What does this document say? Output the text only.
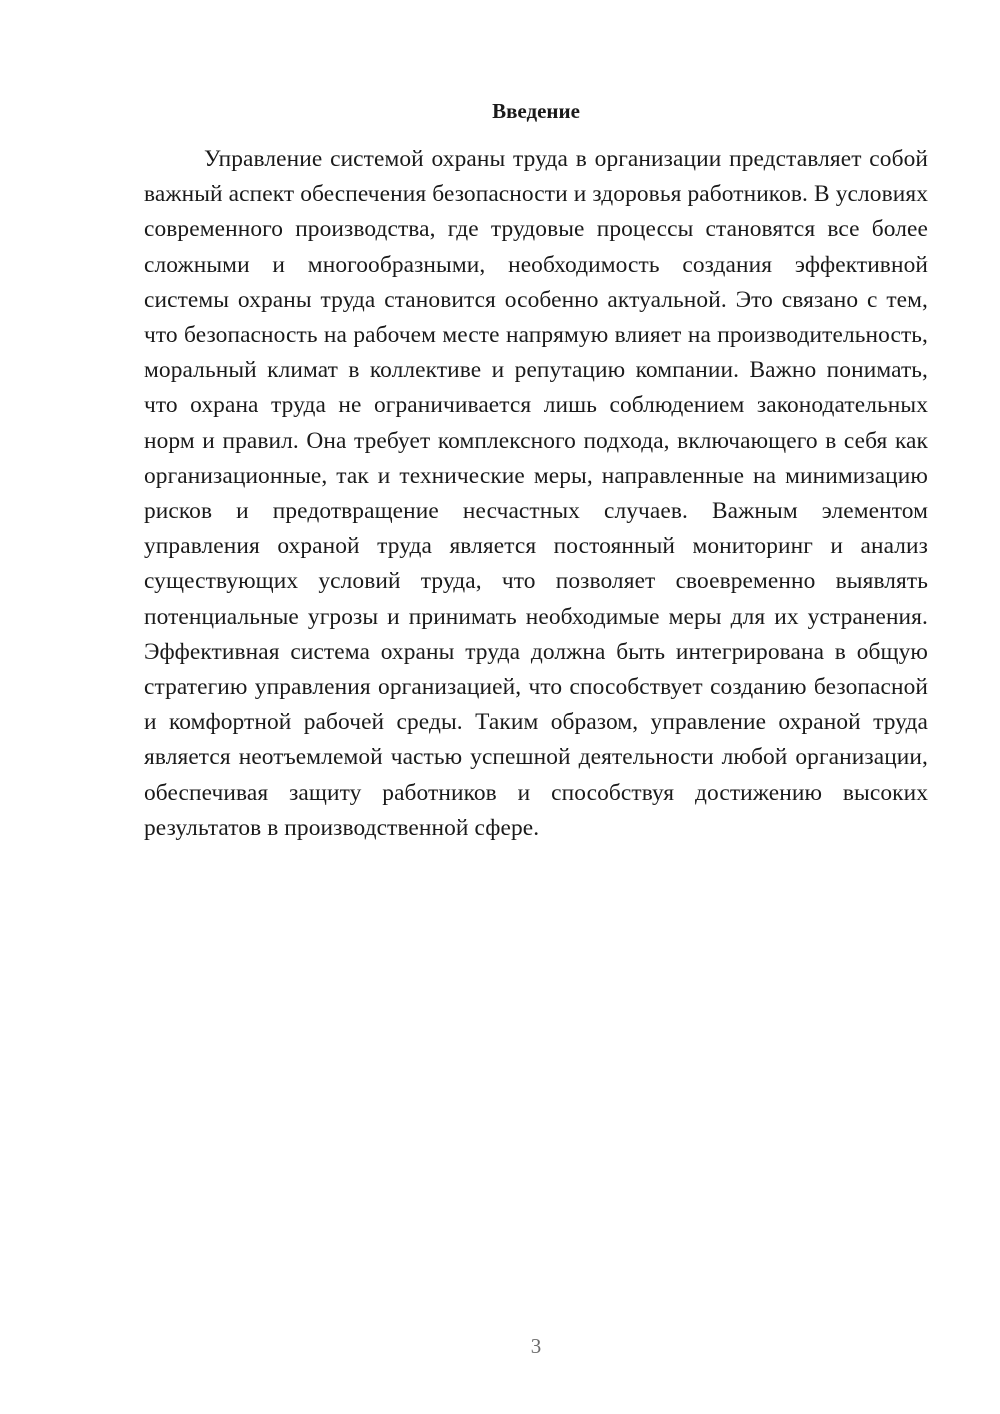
Введение

Управление системой охраны труда в организации представляет собой важный аспект обеспечения безопасности и здоровья работников. В условиях современного производства, где трудовые процессы становятся все более сложными и многообразными, необходимость создания эффективной системы охраны труда становится особенно актуальной. Это связано с тем, что безопасность на рабочем месте напрямую влияет на производительность, моральный климат в коллективе и репутацию компании. Важно понимать, что охрана труда не ограничивается лишь соблюдением законодательных норм и правил. Она требует комплексного подхода, включающего в себя как организационные, так и технические меры, направленные на минимизацию рисков и предотвращение несчастных случаев. Важным элементом управления охраной труда является постоянный мониторинг и анализ существующих условий труда, что позволяет своевременно выявлять потенциальные угрозы и принимать необходимые меры для их устранения. Эффективная система охраны труда должна быть интегрирована в общую стратегию управления организацией, что способствует созданию безопасной и комфортной рабочей среды. Таким образом, управление охраной труда является неотъемлемой частью успешной деятельности любой организации, обеспечивая защиту работников и способствуя достижению высоких результатов в производственной сфере.

3
